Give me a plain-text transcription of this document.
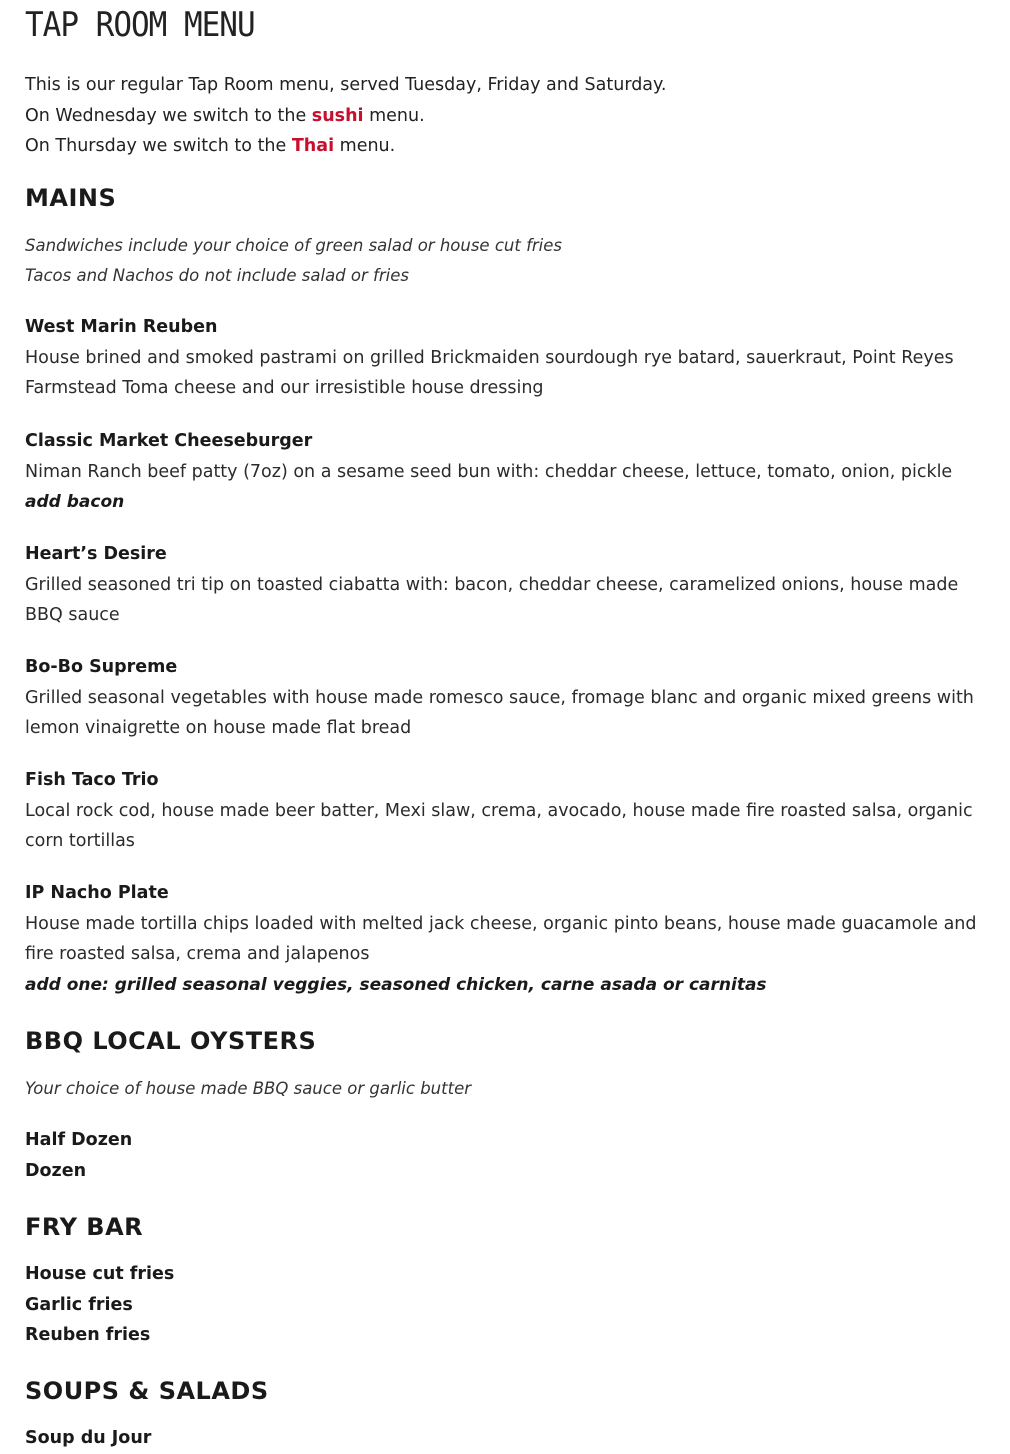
TAP ROOM MENU

This is our regular Tap Room menu, served Tuesday, Friday and Saturday.

On Wednesday we switch to the sushi menu.

On Thursday we switch to the Thai menu.

MAINS

Sandwiches include your choice of green salad or house cut fries

Tacos and Nachos do not include salad or fries

West Marin Reuben

House brined and smoked pastrami on grilled Brickmaiden sourdough rye batard, sauerkraut, Point Reyes Farmstead Toma cheese and our irresistible house dressing

Classic Market Cheeseburger

Niman Ranch beef patty (7oz) on a sesame seed bun with: cheddar cheese, lettuce, tomato, onion, pickle

add bacon

Heart’s Desire

Grilled seasoned tri tip on toasted ciabatta with: bacon, cheddar cheese, caramelized onions, house made BBQ sauce

Bo-Bo Supreme

Grilled seasonal vegetables with house made romesco sauce, fromage blanc and organic mixed greens with lemon vinaigrette on house made flat bread

Fish Taco Trio

Local rock cod, house made beer batter, Mexi slaw, crema, avocado, house made fire roasted salsa, organic corn tortillas

IP Nacho Plate

House made tortilla chips loaded with melted jack cheese, organic pinto beans, house made guacamole and fire roasted salsa, crema and jalapenos

add one: grilled seasonal veggies, seasoned chicken, carne asada or carnitas

BBQ LOCAL OYSTERS

Your choice of house made BBQ sauce or garlic butter

Half Dozen

Dozen

FRY BAR

House cut fries

Garlic fries

Reuben fries

SOUPS & SALADS

Soup du Jour
